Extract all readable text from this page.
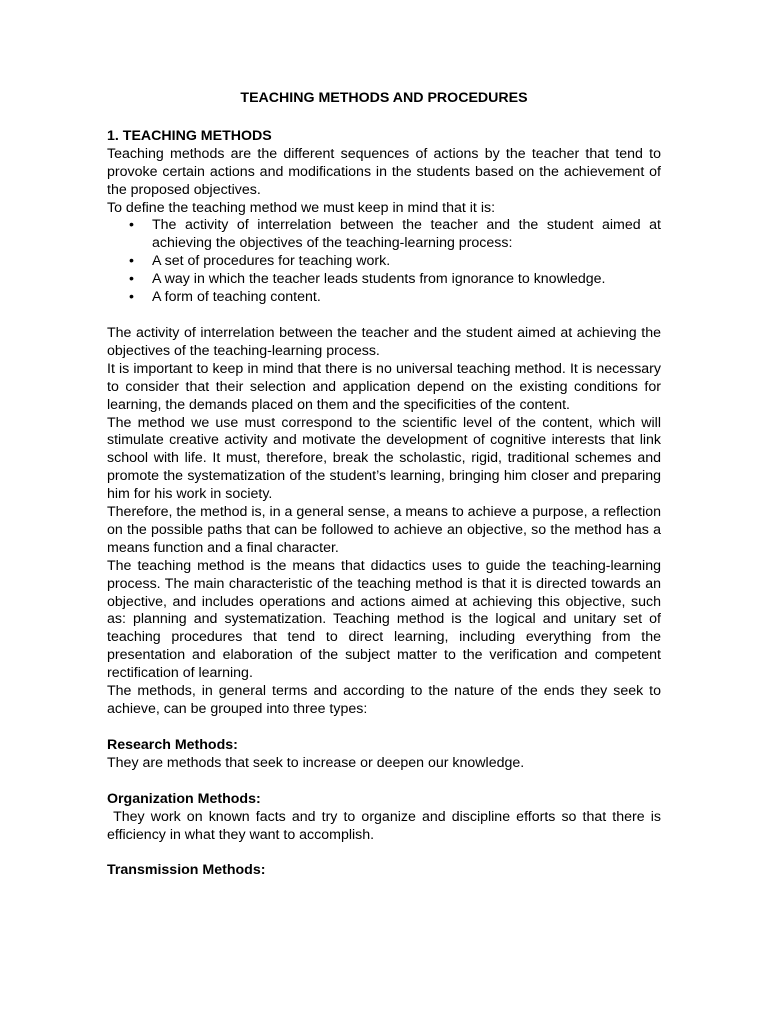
TEACHING METHODS AND PROCEDURES
1. TEACHING METHODS

Teaching methods are the different sequences of actions by the teacher that tend to provoke certain actions and modifications in the students based on the achievement of the proposed objectives.

To define the teaching method we must keep in mind that it is:

• The activity of interrelation between the teacher and the student aimed at achieving the objectives of the teaching-learning process:
• A set of procedures for teaching work.
• A way in which the teacher leads students from ignorance to knowledge.
• A form of teaching content.

The activity of interrelation between the teacher and the student aimed at achieving the objectives of the teaching-learning process.

It is important to keep in mind that there is no universal teaching method. It is necessary to consider that their selection and application depend on the existing conditions for learning, the demands placed on them and the specificities of the content.

The method we use must correspond to the scientific level of the content, which will stimulate creative activity and motivate the development of cognitive interests that link school with life. It must, therefore, break the scholastic, rigid, traditional schemes and promote the systematization of the student’s learning, bringing him closer and preparing him for his work in society.

Therefore, the method is, in a general sense, a means to achieve a purpose, a reflection on the possible paths that can be followed to achieve an objective, so the method has a means function and a final character.

The teaching method is the means that didactics uses to guide the teaching-learning process. The main characteristic of the teaching method is that it is directed towards an objective, and includes operations and actions aimed at achieving this objective, such as: planning and systematization. Teaching method is the logical and unitary set of teaching procedures that tend to direct learning, including everything from the presentation and elaboration of the subject matter to the verification and competent rectification of learning.

The methods, in general terms and according to the nature of the ends they seek to achieve, can be grouped into three types:

Research Methods:

They are methods that seek to increase or deepen our knowledge.

Organization Methods:

They work on known facts and try to organize and discipline efforts so that there is efficiency in what they want to accomplish.

Transmission Methods:
